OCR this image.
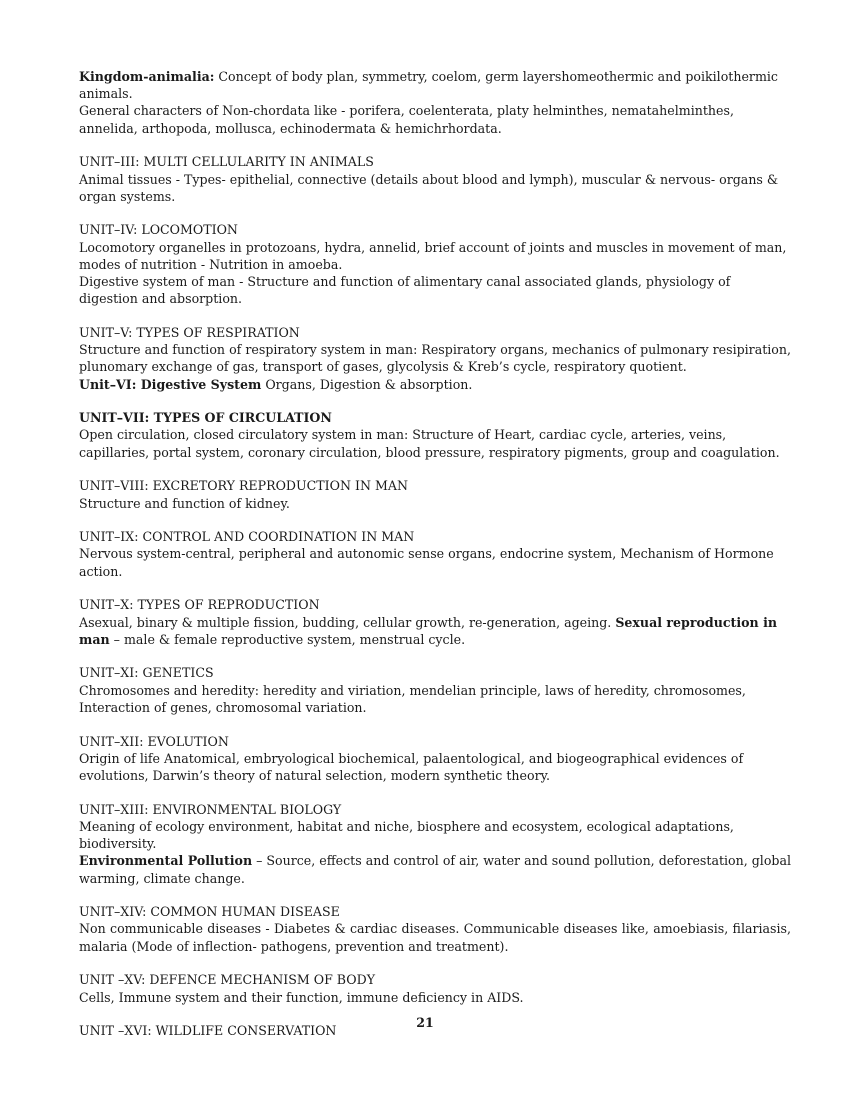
Kingdom-animalia: Concept of body plan, symmetry, coelom, germ layershomeothermic and poikilothermic animals.
General characters of Non-chordata like - porifera, coelenterata, platy helminthes, nematahelminthes, annelida, arthopoda, mollusca, echinodermata & hemichrhordata.
UNIT–III: MULTI CELLULARITY IN ANIMALS
Animal tissues - Types- epithelial, connective (details about blood and lymph), muscular & nervous- organs & organ systems.
UNIT–IV: LOCOMOTION
Locomotory organelles in protozoans, hydra, annelid, brief account of joints and muscles in movement of man, modes of nutrition - Nutrition in amoeba.
Digestive system of man - Structure and function of alimentary canal associated glands, physiology of digestion and absorption.
UNIT–V: TYPES OF RESPIRATION
Structure and function of respiratory system in man: Respiratory organs, mechanics of pulmonary resipiration, plunomary exchange of gas, transport of gases, glycolysis & Kreb’s cycle, respiratory quotient.
Unit–VI: Digestive System Organs, Digestion & absorption.
UNIT–VII: TYPES OF CIRCULATION
Open circulation, closed circulatory system in man: Structure of Heart, cardiac cycle, arteries, veins, capillaries, portal system, coronary circulation, blood pressure, respiratory pigments, group and coagulation.
UNIT–VIII: EXCRETORY REPRODUCTION IN MAN
Structure and function of kidney.
UNIT–IX: CONTROL AND COORDINATION IN MAN
Nervous system-central, peripheral and autonomic sense organs, endocrine system, Mechanism of Hormone action.
UNIT–X: TYPES OF REPRODUCTION
Asexual, binary & multiple fission, budding, cellular growth, re-generation, ageing. Sexual reproduction in man – male & female reproductive system, menstrual cycle.
UNIT–XI: GENETICS
Chromosomes and heredity: heredity and viriation, mendelian principle, laws of heredity, chromosomes, Interaction of genes, chromosomal variation.
UNIT–XII: EVOLUTION
Origin of life Anatomical, embryological biochemical, palaentological, and biogeographical evidences of evolutions, Darwin’s theory of natural selection, modern synthetic theory.
UNIT–XIII: ENVIRONMENTAL BIOLOGY
Meaning of ecology environment, habitat and niche, biosphere and ecosystem, ecological adaptations, biodiversity.
Environmental Pollution – Source, effects and control of air, water and sound pollution, deforestation, global warming, climate change.
UNIT–XIV: COMMON HUMAN DISEASE
Non communicable diseases - Diabetes & cardiac diseases. Communicable diseases like, amoebiasis, filariasis, malaria (Mode of inflection- pathogens, prevention and treatment).
UNIT –XV: DEFENCE MECHANISM OF BODY
Cells, Immune system and their function, immune deficiency in AIDS.
UNIT –XVI: WILDLIFE CONSERVATION
21
